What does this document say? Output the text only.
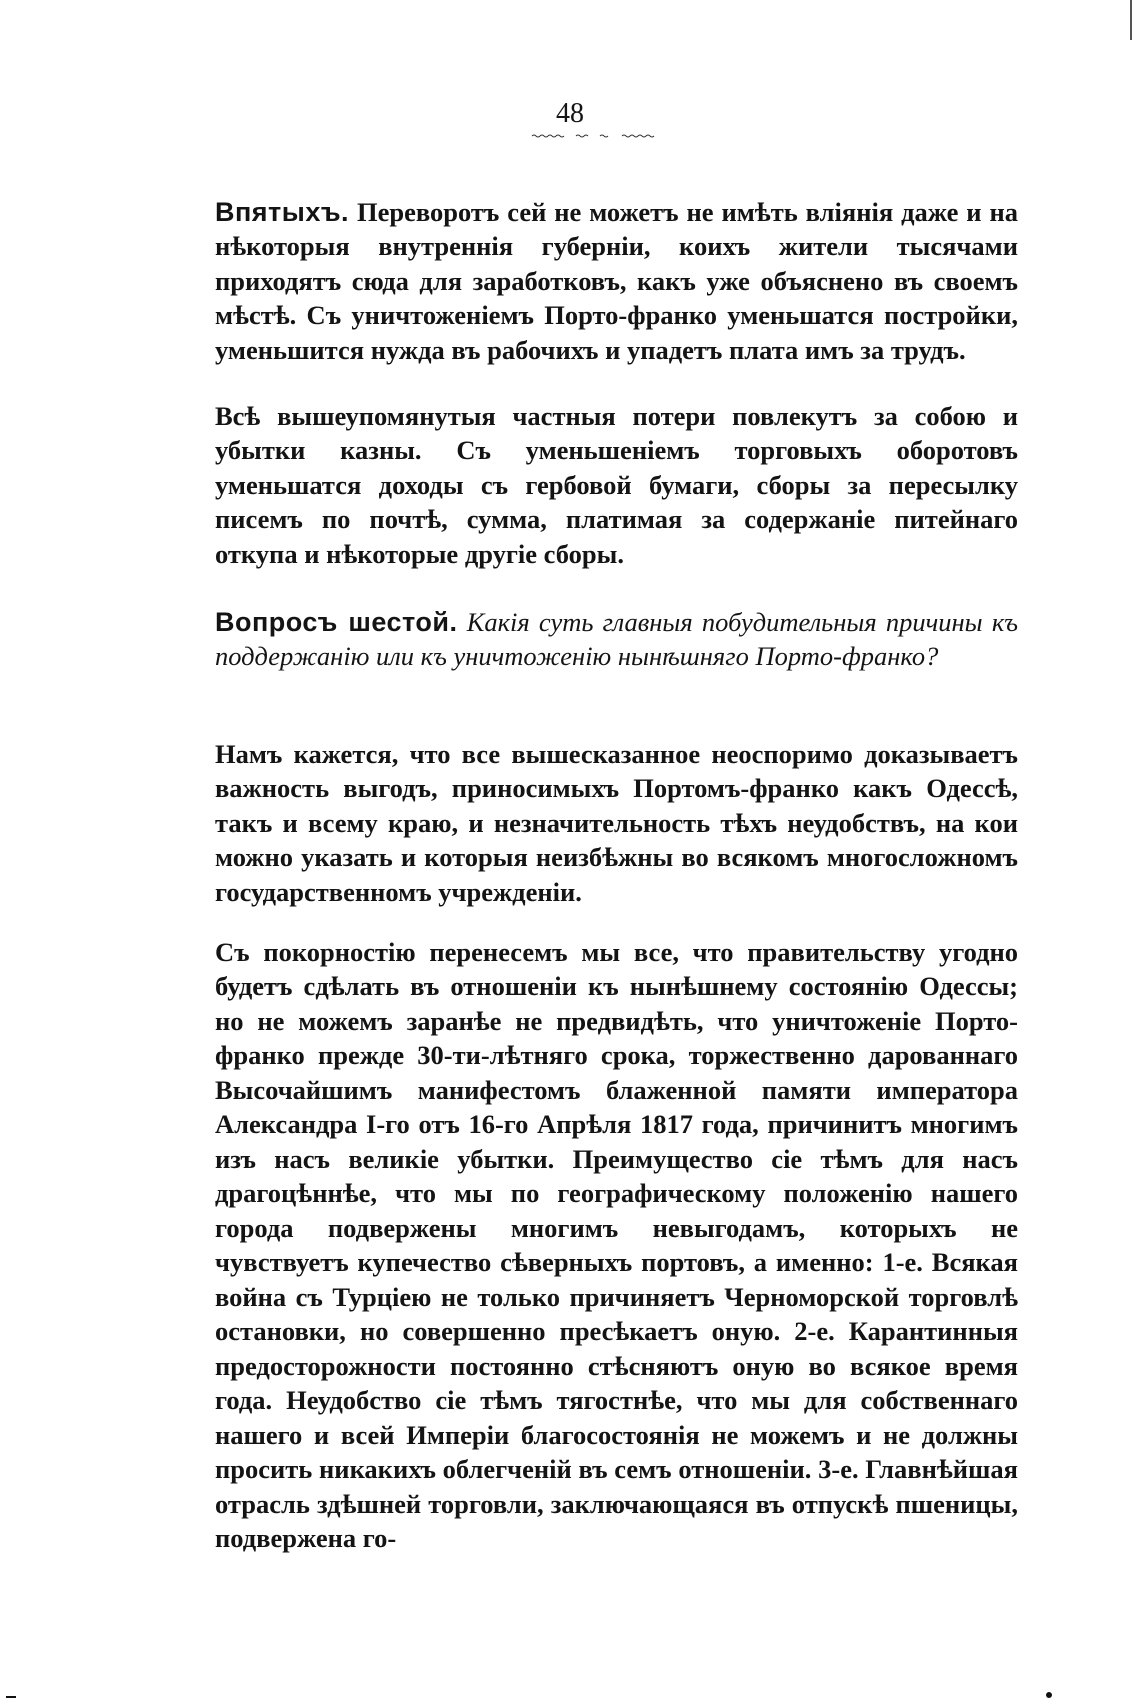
48

Впятыхъ. Переворотъ сей не можетъ не имѣть вліянія даже и на нѣкоторыя внутреннія губерніи, коихъ жители тысячами приходятъ сюда для заработковъ, какъ уже объяснено въ своемъ мѣстѣ. Съ уничтоженіемъ Порто-франко уменьшатся постройки, уменьшится нужда въ рабочихъ и упадетъ плата имъ за трудъ.

Всѣ вышеупомянутыя частныя потери повлекутъ за собою и убытки казны. Съ уменьшеніемъ торговыхъ оборотовъ уменьшатся доходы съ гербовой бумаги, сборы за пересылку писемъ по почтѣ, сумма, платимая за содержаніе питейнаго откупа и нѣкоторые другіе сборы.

Вопросъ шестой. Какія суть главныя побудительныя причины къ поддержанію или къ уничтоженію нынѣшняго Порто-франко?

Намъ кажется, что все вышесказанное неоспоримо доказываетъ важность выгодъ, приносимыхъ Портомъ-франко какъ Одессѣ, такъ и всему краю, и незначительность тѣхъ неудобствъ, на кои можно указать и которыя неизбѣжны во всякомъ многосложномъ государственномъ учрежденіи.

Съ покорностію перенесемъ мы все, что правительству угодно будетъ сдѣлать въ отношеніи къ нынѣшнему состоянію Одессы; но не можемъ заранѣе не предвидѣть, что уничтоженіе Порто-франко прежде 30-ти-лѣтняго срока, торжественно дарованнаго Высочайшимъ манифестомъ блаженной памяти императора Александра I-го отъ 16-го Апрѣля 1817 года, причинитъ многимъ изъ насъ великіе убытки. Преимущество сіе тѣмъ для насъ драгоцѣннѣе, что мы по географическому положенію нашего города подвержены многимъ невыгодамъ, которыхъ не чувствуетъ купечество сѣверныхъ портовъ, а именно: 1-е. Всякая война съ Турціею не только причиняетъ Черноморской торговлѣ остановки, но совершенно пресѣкаетъ оную. 2-е. Карантинныя предосторожности постоянно стѣсняютъ оную во всякое время года. Неудобство сіе тѣмъ тягостнѣе, что мы для собственнаго нашего и всей Имперіи благосостоянія не можемъ и не должны просить никакихъ облегченій въ семъ отношеніи. 3-е. Главнѣйшая отрасль здѣшней торговли, заключающаяся въ отпускѣ пшеницы, подвержена го-
